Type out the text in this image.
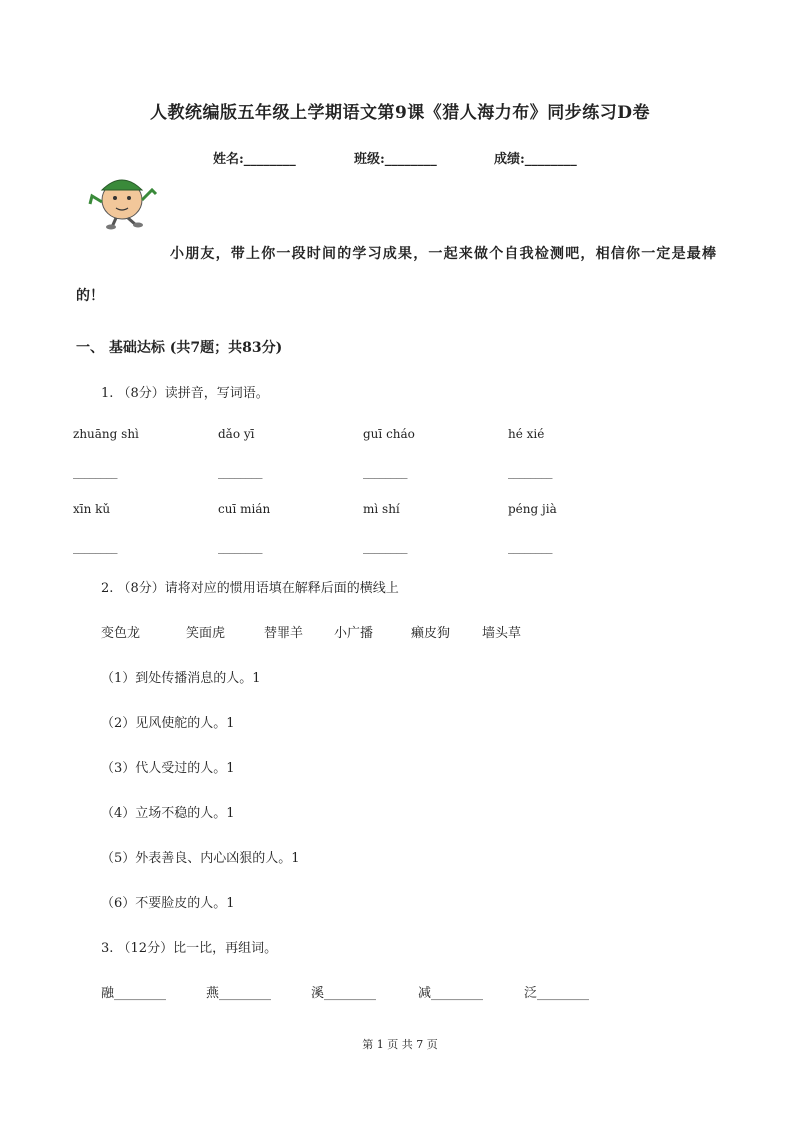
人教统编版五年级上学期语文第9课《猎人海力布》同步练习D卷
姓名:________	班级:________	成绩:________
小朋友，带上你一段时间的学习成果，一起来做个自我检测吧，相信你一定是最棒
的！
一、 基础达标 (共7题；共83分)
1. （8分）读拼音，写词语。
zhuāng shì	dǎo yī	guī cháo	hé xié
________	________	________	________
xīn kǔ	cuī mián	mì shí	péng jià
________	________	________	________
2. （8分）请将对应的惯用语填在解释后面的横线上
变色龙	笑面虎	替罪羊 小广播	癞皮狗 墙头草
（1）到处传播消息的人。1
（2）见风使舵的人。1
（3）代人受过的人。1
（4）立场不稳的人。1
（5）外表善良、内心凶狠的人。1
（6）不要脸皮的人。1
3. （12分）比一比，再组词。
融________	燕________	溪________	减________	泛________
第 1 页 共 7 页
